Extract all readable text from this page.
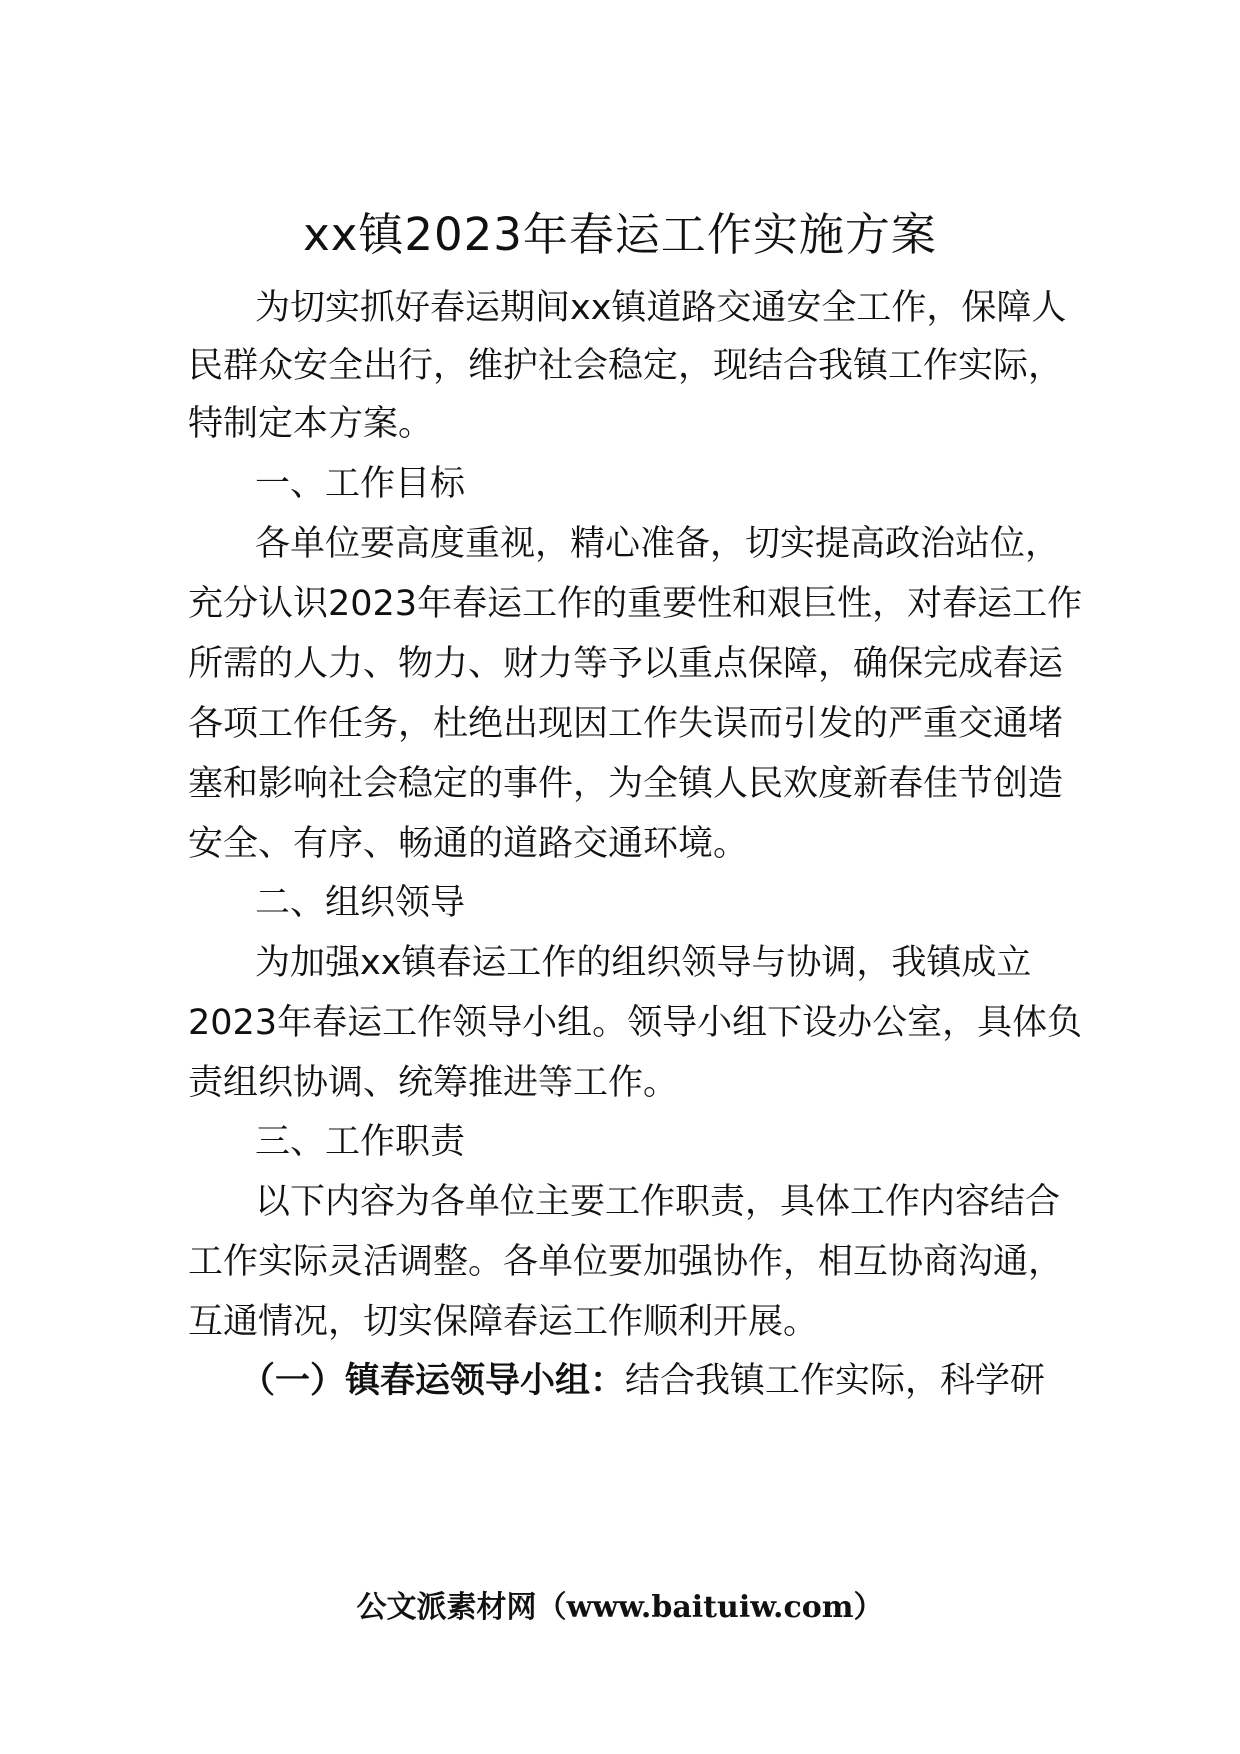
xx镇2023年春运工作实施方案
为切实抓好春运期间xx镇道路交通安全工作，保障人
民群众安全出行，维护社会稳定，现结合我镇工作实际，
特制定本方案。
一、工作目标
各单位要高度重视，精心准备，切实提高政治站位，
充分认识2023年春运工作的重要性和艰巨性，对春运工作
所需的人力、物力、财力等予以重点保障，确保完成春运
各项工作任务，杜绝出现因工作失误而引发的严重交通堵
塞和影响社会稳定的事件，为全镇人民欢度新春佳节创造
安全、有序、畅通的道路交通环境。
二、组织领导
为加强xx镇春运工作的组织领导与协调，我镇成立
2023年春运工作领导小组。领导小组下设办公室，具体负
责组织协调、统筹推进等工作。
三、工作职责
以下内容为各单位主要工作职责，具体工作内容结合
工作实际灵活调整。各单位要加强协作，相互协商沟通，
互通情况，切实保障春运工作顺利开展。
（一）镇春运领导小组：结合我镇工作实际，科学研
公文派素材网（www.baituiw.com）
